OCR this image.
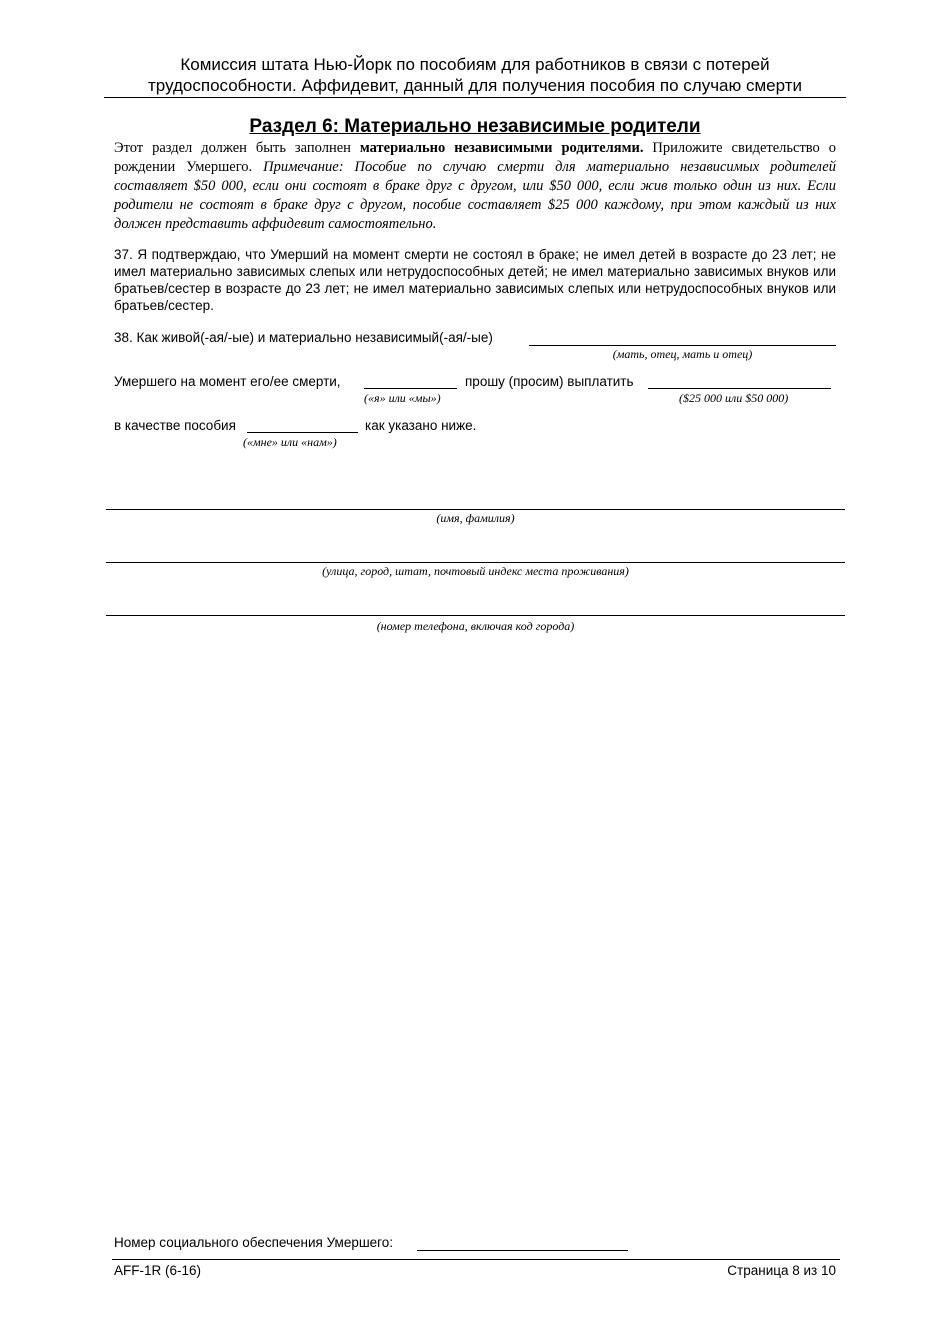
Комиссия штата Нью-Йорк по пособиям для работников в связи с потерей
трудоспособности. Аффидевит, данный для получения пособия по случаю смерти
Раздел 6: Материально независимые родители
Этот раздел должен быть заполнен материально независимыми родителями. Приложите свидетельство о рождении Умершего. Примечание: Пособие по случаю смерти для материально независимых родителей составляет $50 000, если они состоят в браке друг с другом, или $50 000, если жив только один из них. Если родители не состоят в браке друг с другом, пособие составляет $25 000 каждому, при этом каждый из них должен представить аффидевит самостоятельно.
37. Я подтверждаю, что Умерший на момент смерти не состоял в браке; не имел детей в возрасте до 23 лет; не имел материально зависимых слепых или нетрудоспособных детей; не имел материально зависимых внуков или братьев/сестер в возрасте до 23 лет; не имел материально зависимых слепых или нетрудоспособных внуков или братьев/сестер.
38. Как живой(-ая/-ые) и материально независимый(-ая/-ые)
(мать, отец, мать и отец)
Умершего на момент его/ее смерти,
(«я» или «мы»)
прошу (просим) выплатить
($25 000 или $50 000)
в качестве пособия
(«мне» или «нам»)
как указано ниже.
(имя, фамилия)
(улица, город, штат, почтовый индекс места проживания)
(номер телефона, включая код города)
Номер социального обеспечения Умершего:
AFF-1R (6-16)	Страница 8 из 10
